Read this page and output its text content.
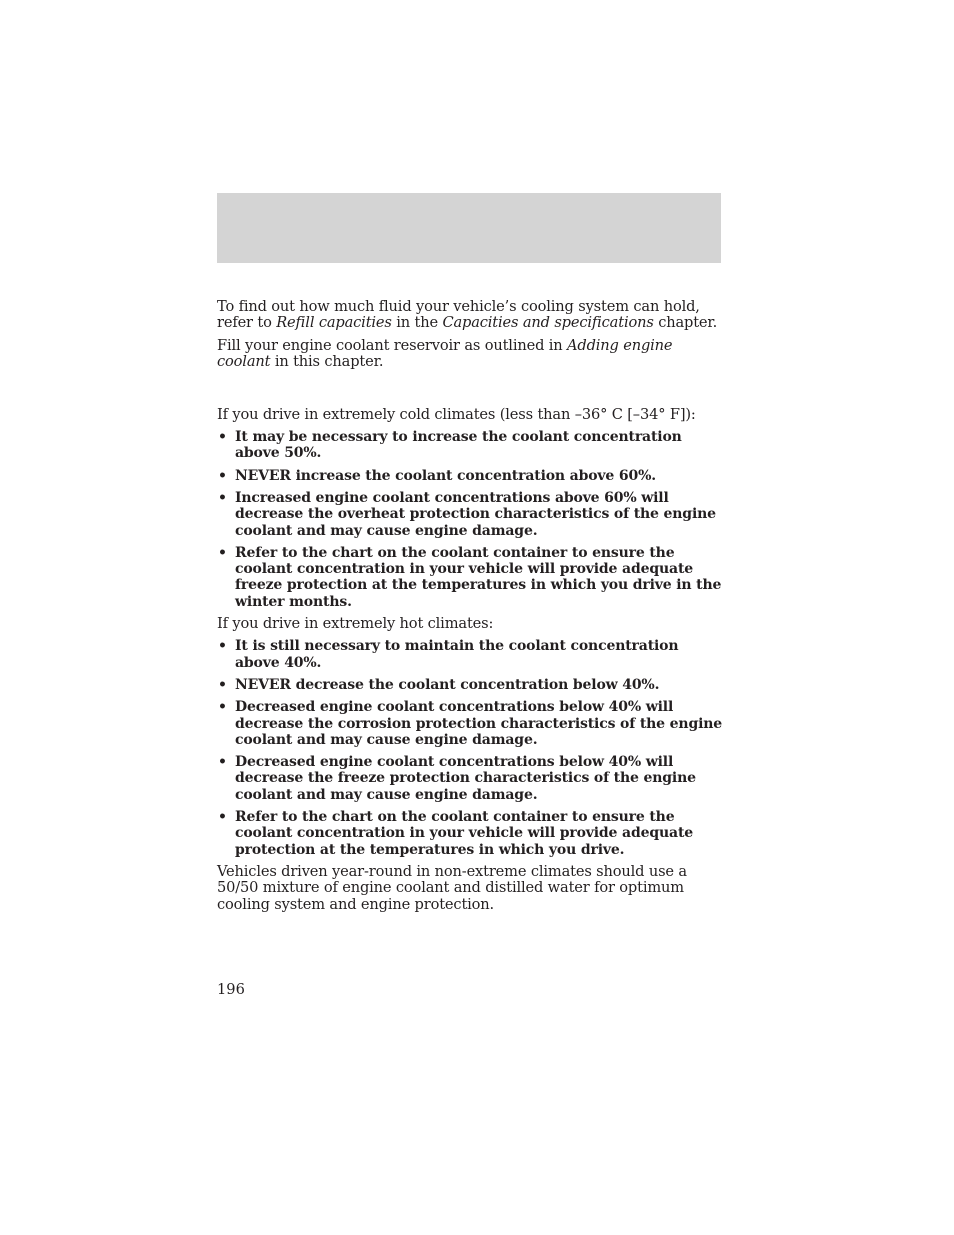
To find out how much fluid your vehicle’s cooling system can hold, refer to Refill capacities in the Capacities and specifications chapter.

Fill your engine coolant reservoir as outlined in Adding engine coolant in this chapter.

If you drive in extremely cold climates (less than –36° C [–34° F]):

• It may be necessary to increase the coolant concentration above 50%.
• NEVER increase the coolant concentration above 60%.
• Increased engine coolant concentrations above 60% will decrease the overheat protection characteristics of the engine coolant and may cause engine damage.
• Refer to the chart on the coolant container to ensure the coolant concentration in your vehicle will provide adequate freeze protection at the temperatures in which you drive in the winter months.

If you drive in extremely hot climates:

• It is still necessary to maintain the coolant concentration above 40%.
• NEVER decrease the coolant concentration below 40%.
• Decreased engine coolant concentrations below 40% will decrease the corrosion protection characteristics of the engine coolant and may cause engine damage.
• Decreased engine coolant concentrations below 40% will decrease the freeze protection characteristics of the engine coolant and may cause engine damage.
• Refer to the chart on the coolant container to ensure the coolant concentration in your vehicle will provide adequate protection at the temperatures in which you drive.

Vehicles driven year-round in non-extreme climates should use a 50/50 mixture of engine coolant and distilled water for optimum cooling system and engine protection.

196
